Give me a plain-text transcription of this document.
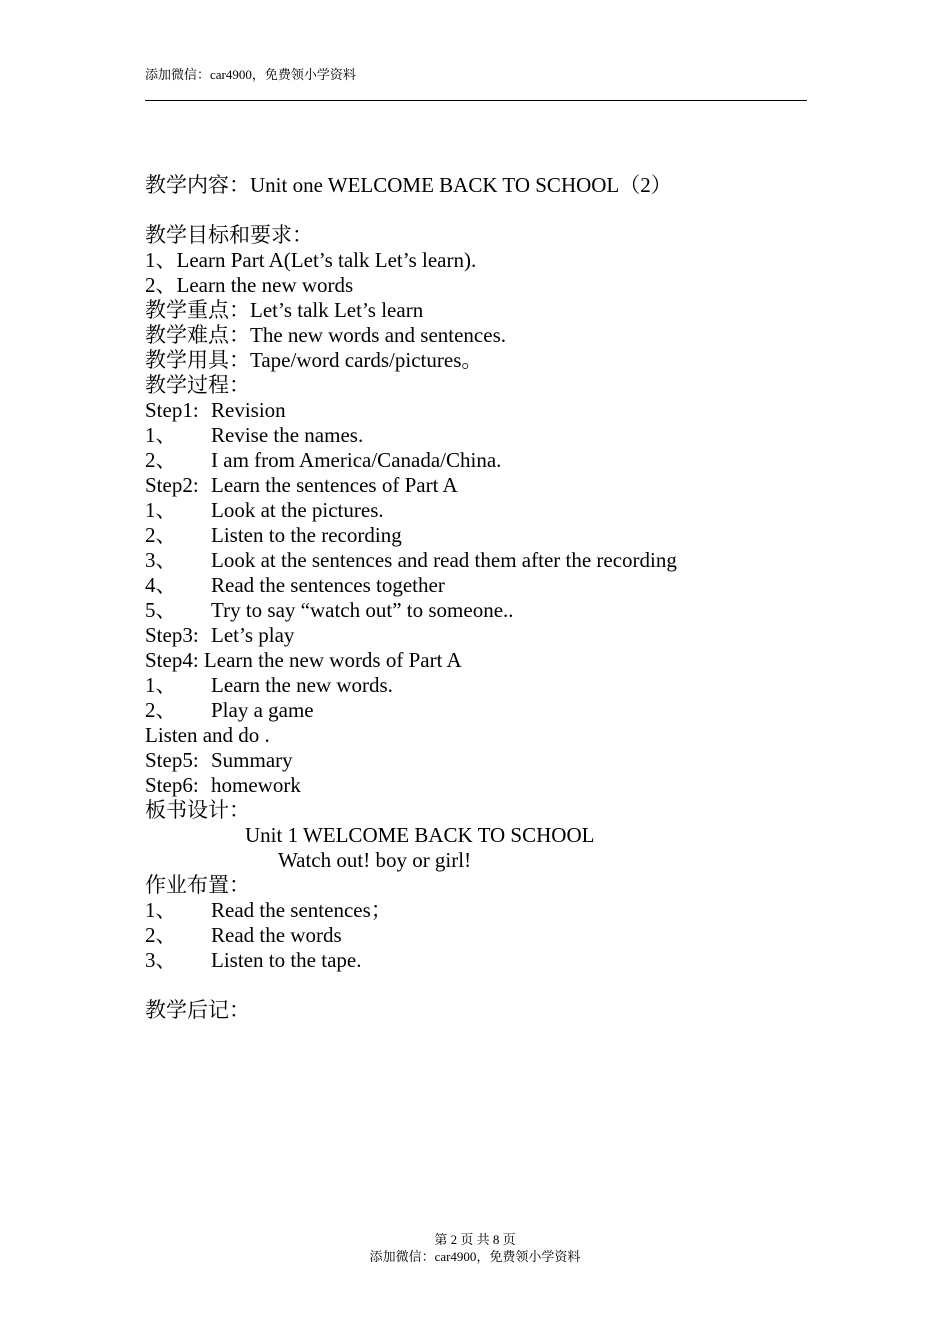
添加微信：car4900，免费领小学资料
教学内容：Unit one WELCOME BACK TO SCHOOL（2）
教学目标和要求：
1、Learn Part A(Let’s talk Let’s learn).
2、Learn the new words
教学重点：Let’s talk Let’s learn
教学难点：The new words and sentences.
教学用具：Tape/word cards/pictures。
教学过程：
Step1: Revision
1、 Revise the names.
2、 I am from America/Canada/China.
Step2: Learn the sentences of Part A
1、 Look at the pictures.
2、 Listen to the recording
3、 Look at the sentences and read them after the recording
4、 Read the sentences together
5、 Try to say “watch out” to someone..
Step3: Let’s play
Step4: Learn the new words of Part A
1、 Learn the new words.
2、 Play a game
Listen and do .
Step5: Summary
Step6: homework
板书设计：
Unit 1 WELCOME BACK TO SCHOOL
Watch out! boy or girl!
作业布置：
1、 Read the sentences；
2、 Read the words
3、 Listen to the tape.
教学后记：
第 2 页 共 8 页
添加微信：car4900，免费领小学资料
